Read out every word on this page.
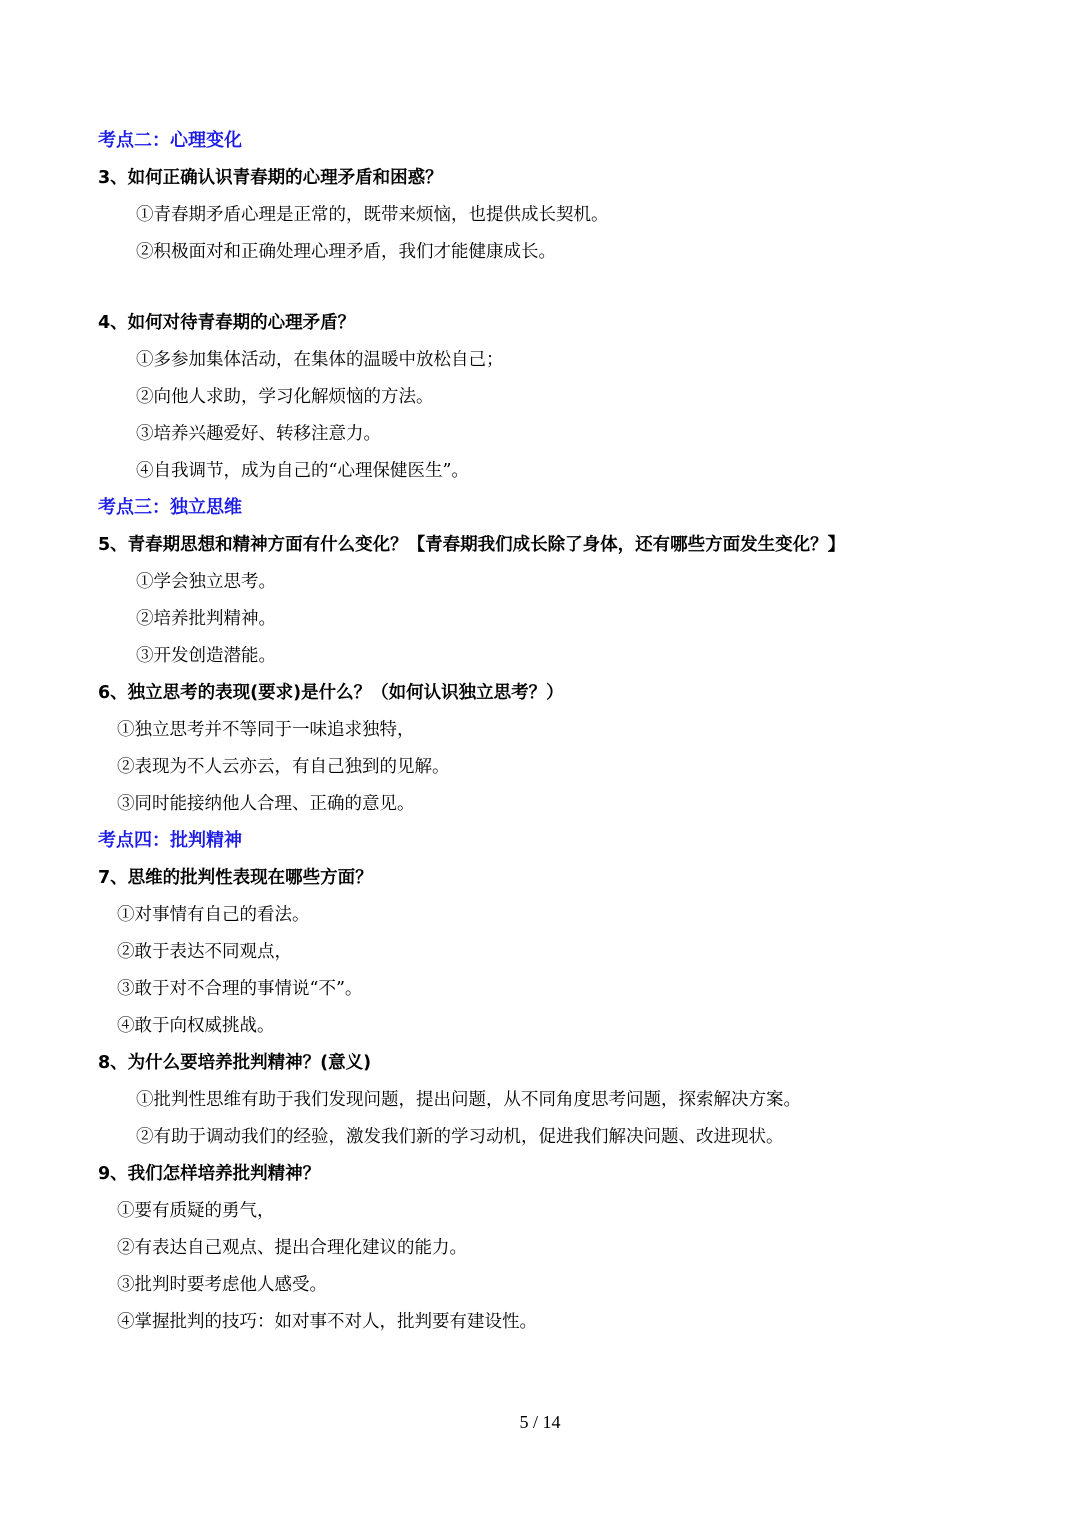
考点二：心理变化
3、如何正确认识青春期的心理矛盾和困惑？
①青春期矛盾心理是正常的，既带来烦恼，也提供成长契机。
②积极面对和正确处理心理矛盾，我们才能健康成长。
4、如何对待青春期的心理矛盾？
①多参加集体活动，在集体的温暖中放松自己；
②向他人求助，学习化解烦恼的方法。
③培养兴趣爱好、转移注意力。
④自我调节，成为自己的“心理保健医生”。
考点三：独立思维
5、青春期思想和精神方面有什么变化？【青春期我们成长除了身体，还有哪些方面发生变化？】
①学会独立思考。
②培养批判精神。
③开发创造潜能。
6、独立思考的表现(要求)是什么？（如何认识独立思考？）
①独立思考并不等同于一味追求独特，
②表现为不人云亦云，有自己独到的见解。
③同时能接纳他人合理、正确的意见。
考点四：批判精神
7、思维的批判性表现在哪些方面？
①对事情有自己的看法。
②敢于表达不同观点，
③敢于对不合理的事情说“不”。
④敢于向权威挑战。
8、为什么要培养批判精神？(意义)
①批判性思维有助于我们发现问题，提出问题，从不同角度思考问题，探索解决方案。
②有助于调动我们的经验，激发我们新的学习动机，促进我们解决问题、改进现状。
9、我们怎样培养批判精神？
①要有质疑的勇气，
②有表达自己观点、提出合理化建议的能力。
③批判时要考虑他人感受。
④掌握批判的技巧：如对事不对人，批判要有建设性。
5 / 14
